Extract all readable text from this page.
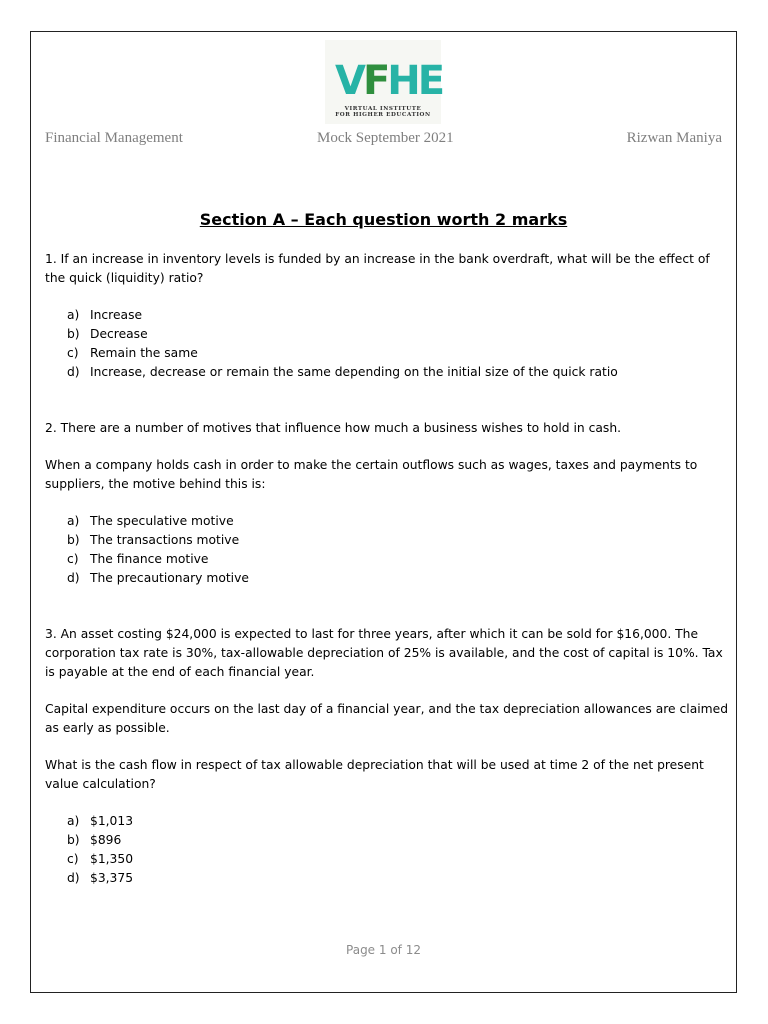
VFHE
VIRTUAL INSTITUTE
FOR HIGHER EDUCATION
Financial Management	Mock September 2021	Rizwan Maniya
Section A – Each question worth 2 marks

1. If an increase in inventory levels is funded by an increase in the bank overdraft, what will be the effect of the quick (liquidity) ratio?

a) Increase
b) Decrease
c) Remain the same
d) Increase, decrease or remain the same depending on the initial size of the quick ratio

2. There are a number of motives that influence how much a business wishes to hold in cash.

When a company holds cash in order to make the certain outflows such as wages, taxes and payments to suppliers, the motive behind this is:

a) The speculative motive
b) The transactions motive
c) The finance motive
d) The precautionary motive

3. An asset costing $24,000 is expected to last for three years, after which it can be sold for $16,000. The corporation tax rate is 30%, tax-allowable depreciation of 25% is available, and the cost of capital is 10%. Tax is payable at the end of each financial year.

Capital expenditure occurs on the last day of a financial year, and the tax depreciation allowances are claimed as early as possible.

What is the cash flow in respect of tax allowable depreciation that will be used at time 2 of the net present value calculation?

a) $1,013
b) $896
c) $1,350
d) $3,375
Page 1 of 12
